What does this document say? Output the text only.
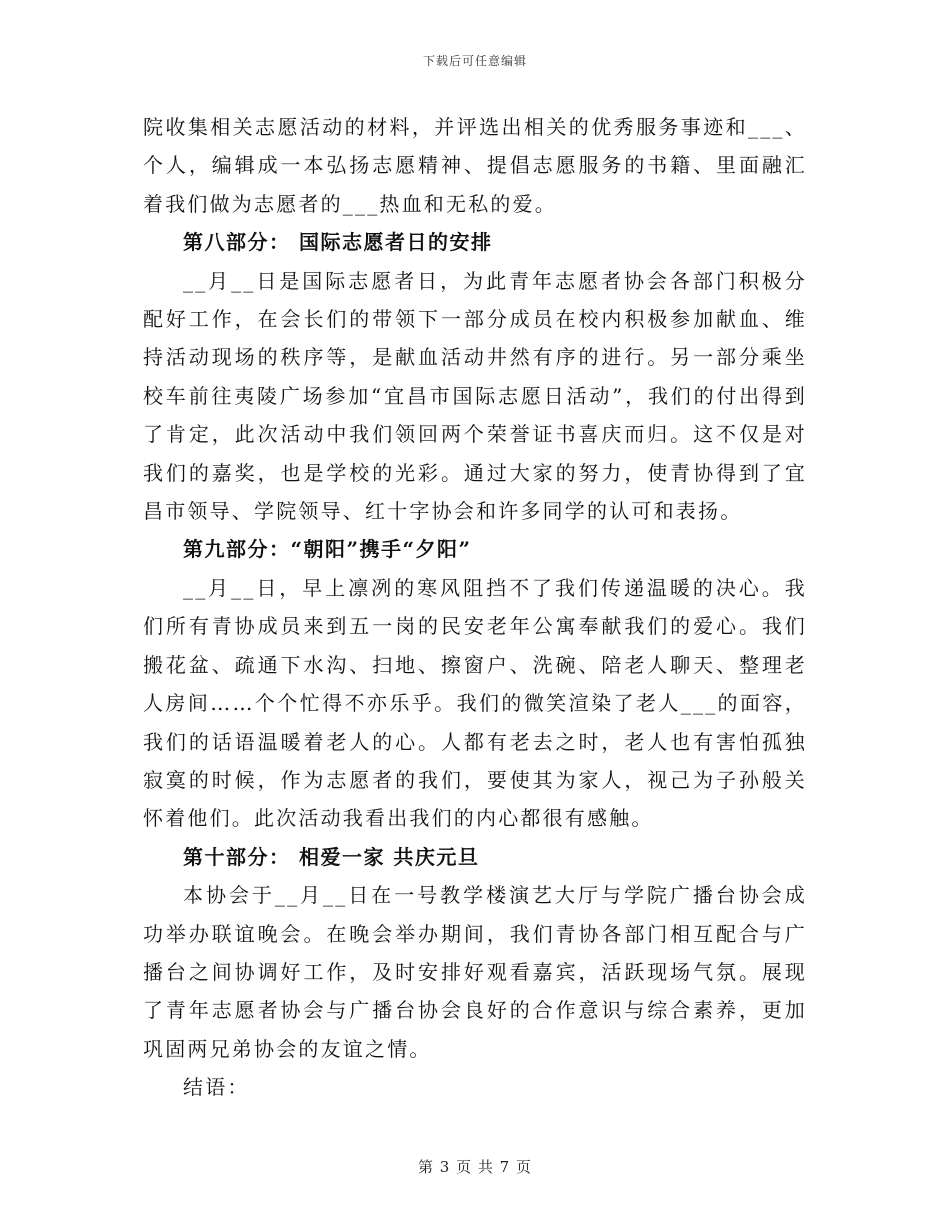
下载后可任意编辑

院收集相关志愿活动的材料，并评选出相关的优秀服务事迹和___、个人，编辑成一本弘扬志愿精神、提倡志愿服务的书籍、里面融汇着我们做为志愿者的___热血和无私的爱。

第八部分： 国际志愿者日的安排

__月__日是国际志愿者日，为此青年志愿者协会各部门积极分配好工作，在会长们的带领下一部分成员在校内积极参加献血、维持活动现场的秩序等，是献血活动井然有序的进行。另一部分乘坐校车前往夷陵广场参加“宜昌市国际志愿日活动”，我们的付出得到了肯定，此次活动中我们领回两个荣誉证书喜庆而归。这不仅是对我们的嘉奖，也是学校的光彩。通过大家的努力，使青协得到了宜昌市领导、学院领导、红十字协会和许多同学的认可和表扬。

第九部分：“朝阳”携手“夕阳”

__月__日，早上凛冽的寒风阻挡不了我们传递温暖的决心。我们所有青协成员来到五一岗的民安老年公寓奉献我们的爱心。我们搬花盆、疏通下水沟、扫地、擦窗户、洗碗、陪老人聊天、整理老人房间……个个忙得不亦乐乎。我们的微笑渲染了老人___的面容，我们的话语温暖着老人的心。人都有老去之时，老人也有害怕孤独寂寞的时候，作为志愿者的我们，要使其为家人，视己为子孙般关怀着他们。此次活动我看出我们的内心都很有感触。

第十部分： 相爱一家 共庆元旦

本协会于__月__日在一号教学楼演艺大厅与学院广播台协会成功举办联谊晚会。在晚会举办期间，我们青协各部门相互配合与广播台之间协调好工作，及时安排好观看嘉宾，活跃现场气氛。展现了青年志愿者协会与广播台协会良好的合作意识与综合素养，更加巩固两兄弟协会的友谊之情。

结语：

第 3 页 共 7 页
